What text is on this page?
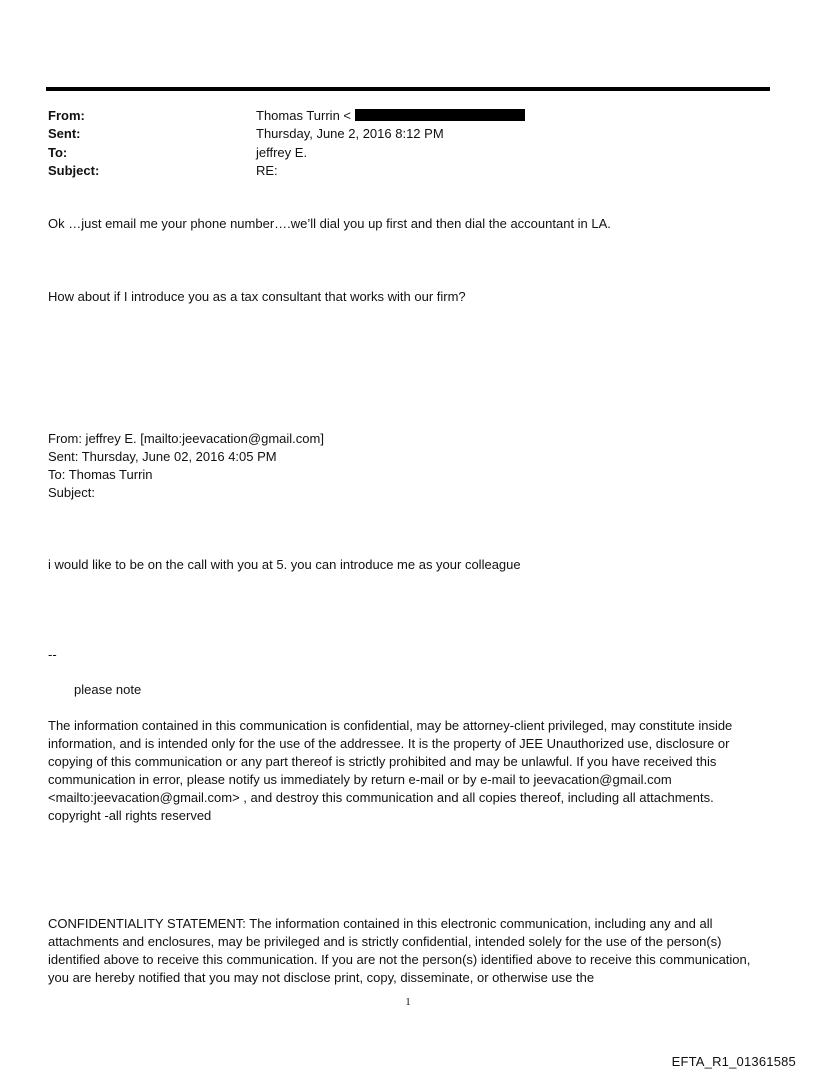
From:	Thomas Turrin <
Sent:	Thursday, June 2, 2016 8:12 PM
To:	jeffrey E.
Subject:	RE:
Ok …just email me your phone number….we’ll dial you up first and then dial the accountant in LA.
How about if I introduce you as a tax consultant that works with our firm?
From: jeffrey E. [mailto:jeevacation@gmail.com]
Sent: Thursday, June 02, 2016 4:05 PM
To: Thomas Turrin
Subject:
i would like to be on the call with you at 5. you can introduce me as your colleague
--
please note
The information contained in this communication is confidential, may be attorney-client privileged, may constitute inside information, and is intended only for the use of the addressee. It is the property of JEE Unauthorized use, disclosure or copying of this communication or any part thereof is strictly prohibited and may be unlawful. If you have received this communication in error, please notify us immediately by return e-mail or by e-mail to jeevacation@gmail.com <mailto:jeevacation@gmail.com> , and destroy this communication and all copies thereof, including all attachments. copyright -all rights reserved
CONFIDENTIALITY STATEMENT: The information contained in this electronic communication, including any and all attachments and enclosures, may be privileged and is strictly confidential, intended solely for the use of the person(s) identified above to receive this communication. If you are not the person(s) identified above to receive this communication, you are hereby notified that you may not disclose print, copy, disseminate, or otherwise use the
1
EFTA_R1_01361585
